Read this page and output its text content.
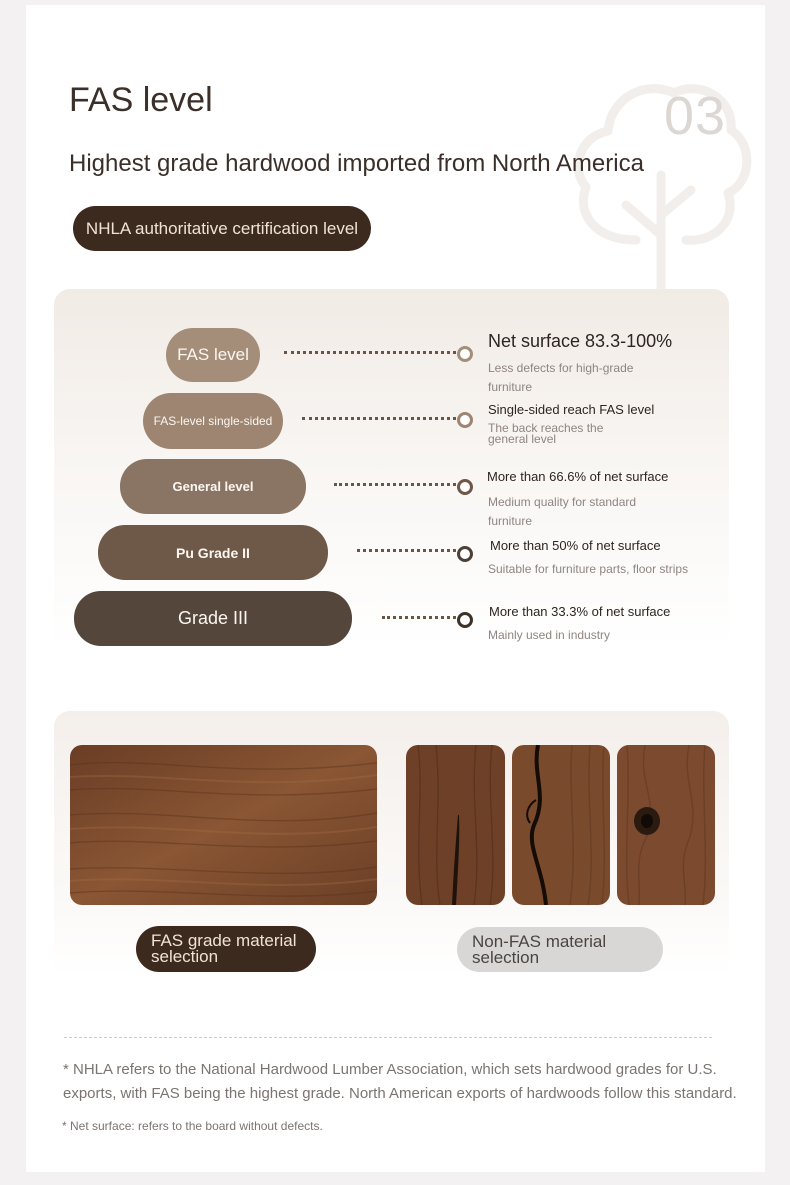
03
FAS level
Highest grade hardwood imported from North America
NHLA authoritative certification level
FAS level
Net surface 83.3-100%
Less defects for high-grade
furniture
FAS-level single-sided
Single-sided reach FAS level
The back reaches the
general level
General level
More than 66.6% of net surface
Medium quality for standard
furniture
Pu Grade II	More than 50% of net surface
Suitable for furniture parts, floor strips
Grade III	More than 33.3% of net surface
Mainly used in industry
FAS grade material
selection
Non-FAS material
selection
* NHLA refers to the National Hardwood Lumber Association, which sets hardwood grades for U.S. exports, with FAS being the highest grade. North American exports of hardwoods follow this standard.
* Net surface: refers to the board without defects.
